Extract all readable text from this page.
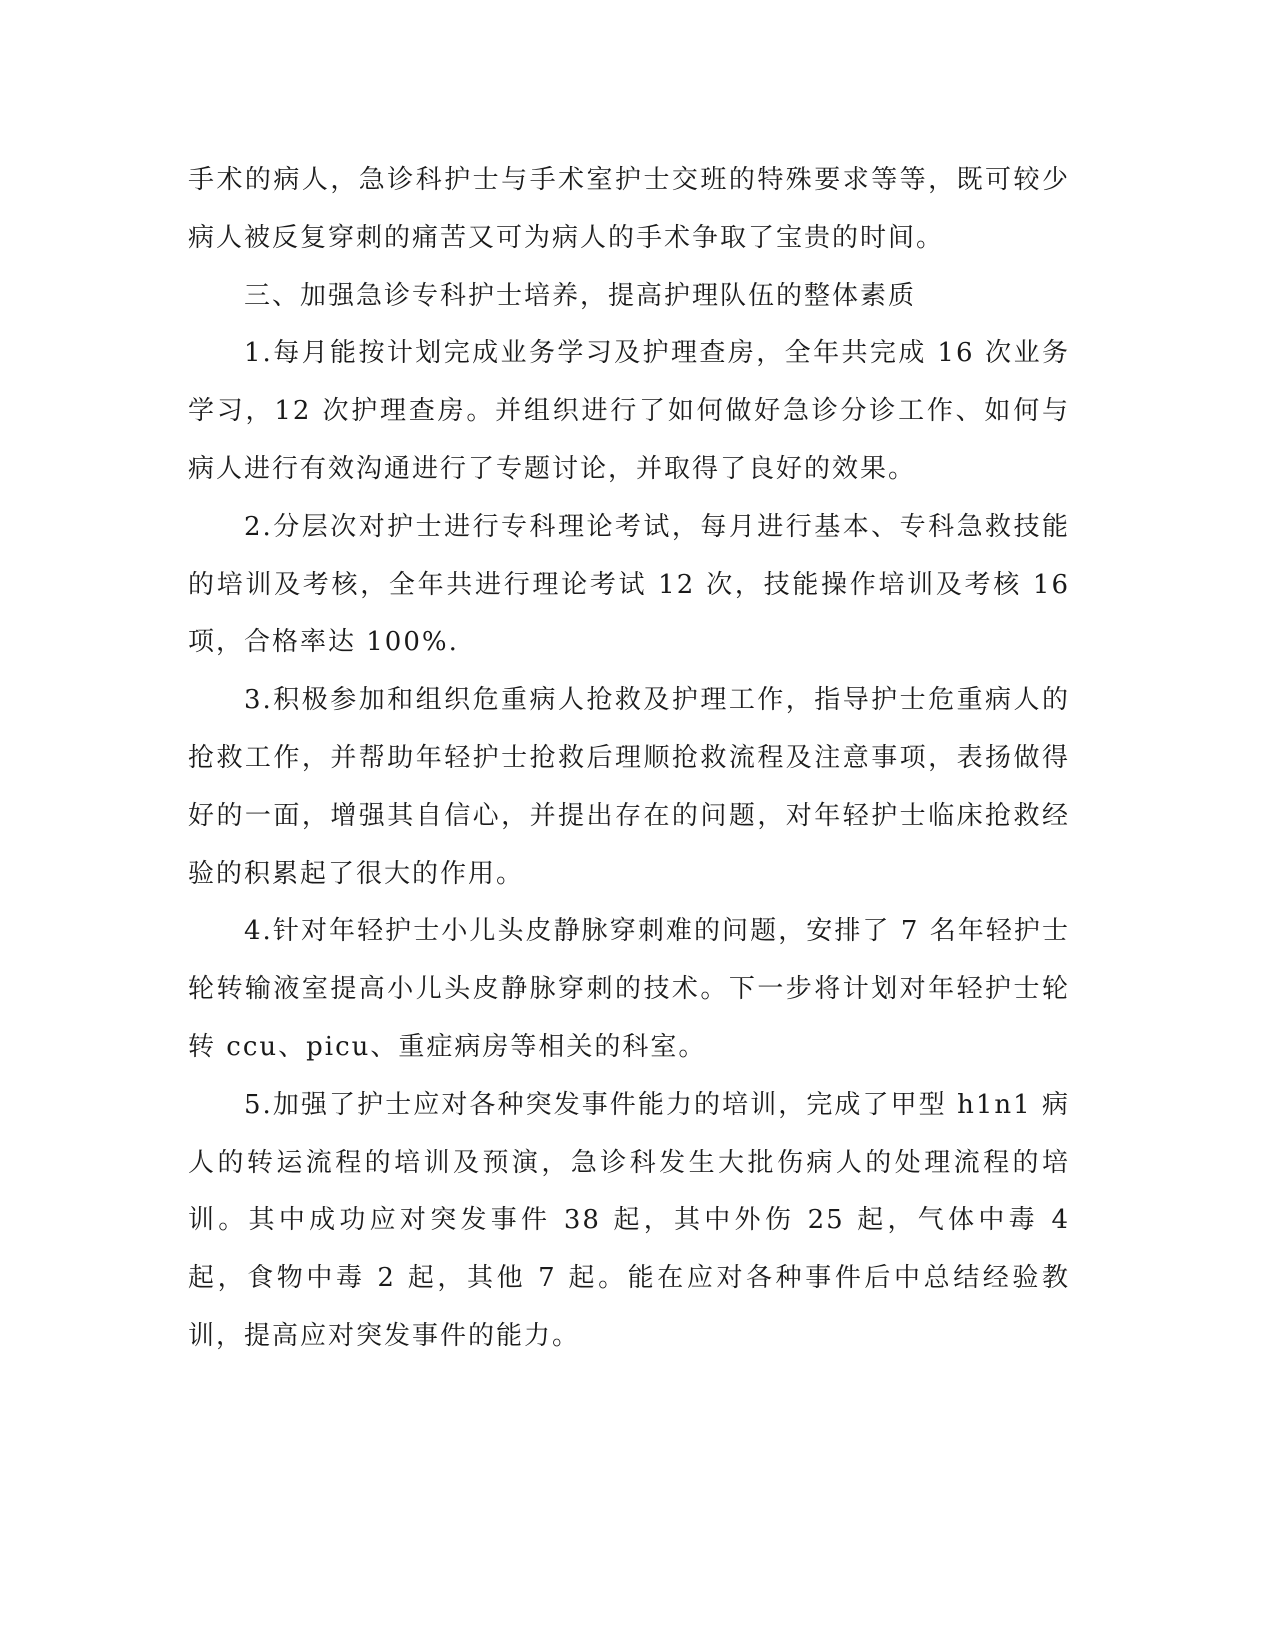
手术的病人，急诊科护士与手术室护士交班的特殊要求等等，既可较少病人被反复穿刺的痛苦又可为病人的手术争取了宝贵的时间。

三、加强急诊专科护士培养，提高护理队伍的整体素质

1.每月能按计划完成业务学习及护理查房，全年共完成 16 次业务学习，12 次护理查房。并组织进行了如何做好急诊分诊工作、如何与病人进行有效沟通进行了专题讨论，并取得了良好的效果。

2.分层次对护士进行专科理论考试，每月进行基本、专科急救技能的培训及考核，全年共进行理论考试 12 次，技能操作培训及考核 16 项，合格率达 100%.

3.积极参加和组织危重病人抢救及护理工作，指导护士危重病人的抢救工作，并帮助年轻护士抢救后理顺抢救流程及注意事项，表扬做得好的一面，增强其自信心，并提出存在的问题，对年轻护士临床抢救经验的积累起了很大的作用。

4.针对年轻护士小儿头皮静脉穿刺难的问题，安排了 7 名年轻护士轮转输液室提高小儿头皮静脉穿刺的技术。下一步将计划对年轻护士轮转 ccu、picu、重症病房等相关的科室。

5.加强了护士应对各种突发事件能力的培训，完成了甲型 h1n1 病人的转运流程的培训及预演，急诊科发生大批伤病人的处理流程的培训。其中成功应对突发事件 38 起，其中外伤 25 起，气体中毒 4 起，食物中毒 2 起，其他 7 起。能在应对各种事件后中总结经验教训，提高应对突发事件的能力。
